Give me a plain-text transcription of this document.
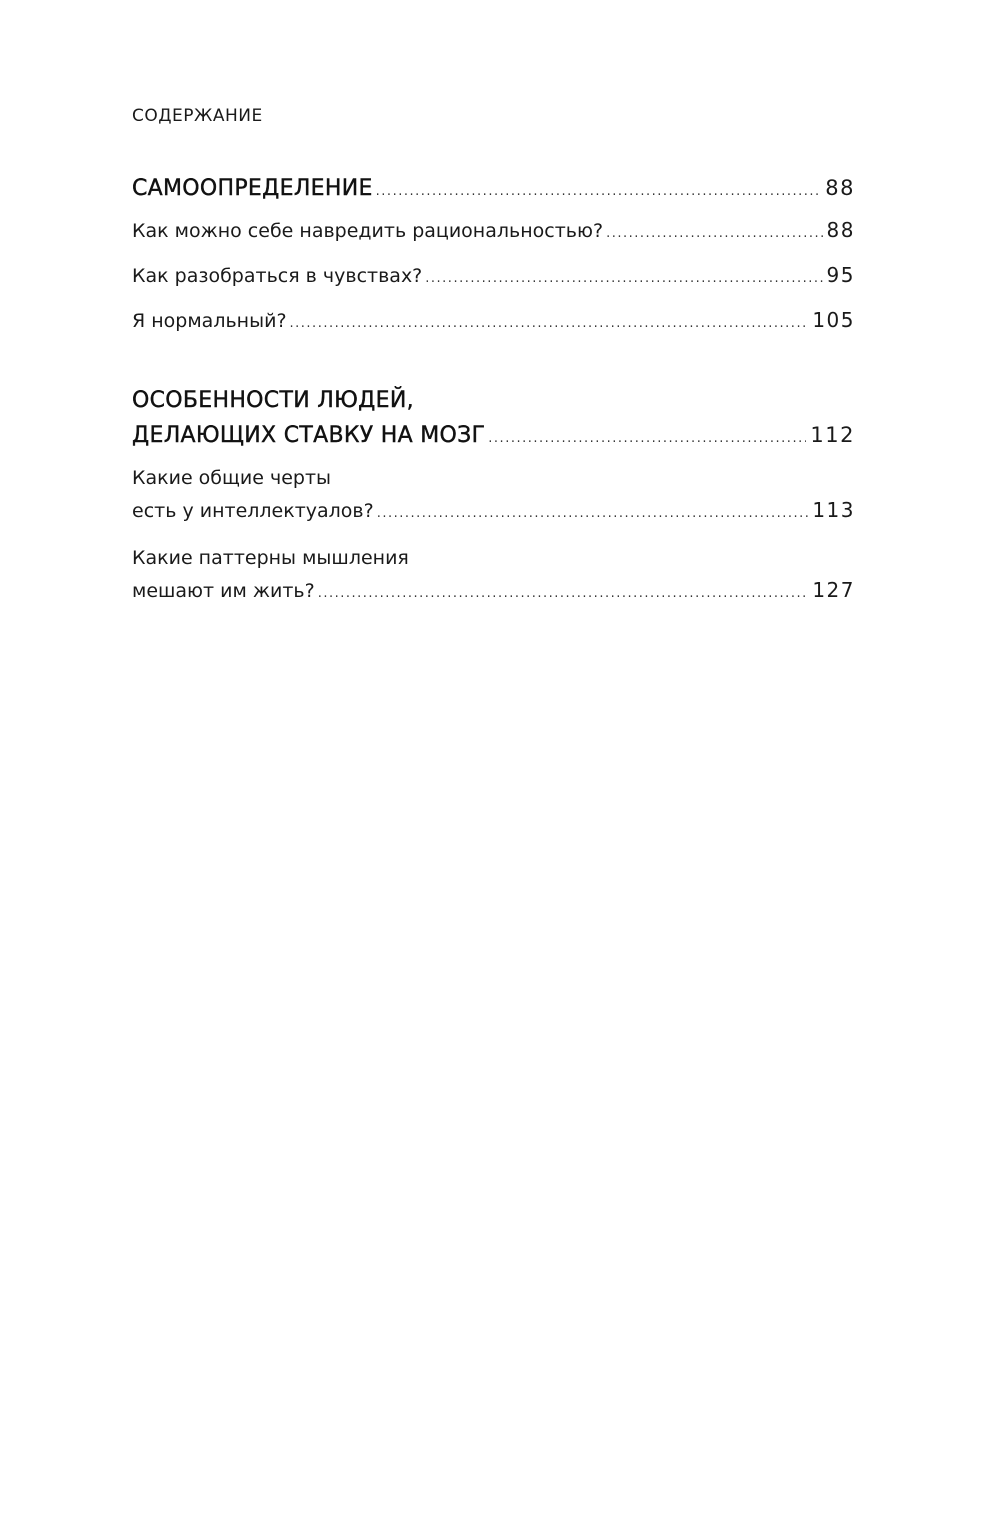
СОДЕРЖАНИЕ
САМООПРЕДЕЛЕНИЕ .....	88
Как можно себе навредить рациональностью? .....	88
Как разобраться в чувствах? .....	95
Я нормальный? .....	105
ОСОБЕННОСТИ ЛЮДЕЙ,
ДЕЛАЮЩИХ СТАВКУ НА МОЗГ .....	112
Какие общие черты
есть у интеллектуалов? .....	113
Какие паттерны мышления
мешают им жить? .....	127
